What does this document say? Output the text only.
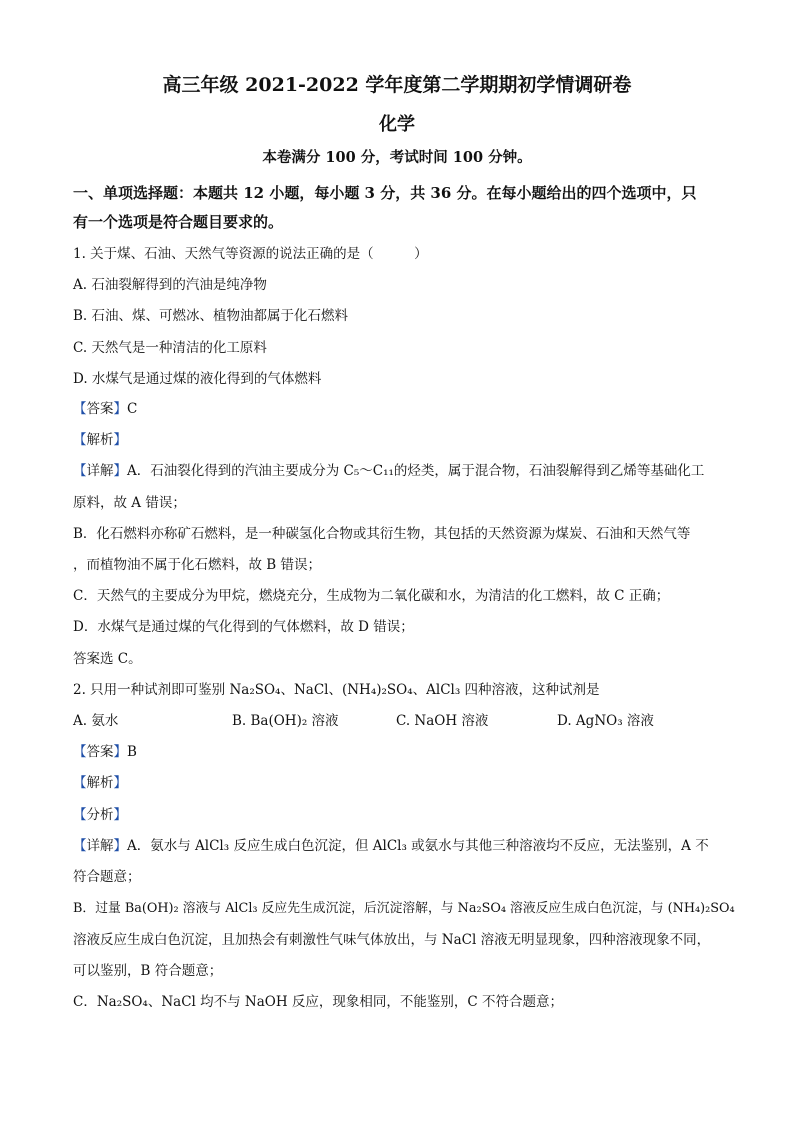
高三年级 2021-2022 学年度第二学期期初学情调研卷
化学
本卷满分 100 分，考试时间 100 分钟。
一、单项选择题：本题共 12 小题，每小题 3 分，共 36 分。在每小题给出的四个选项中，只
有一个选项是符合题目要求的。
1. 关于煤、石油、天然气等资源的说法正确的是（　　　）
A. 石油裂解得到的汽油是纯净物
B. 石油、煤、可燃冰、植物油都属于化石燃料
C. 天然气是一种清洁的化工原料
D. 水煤气是通过煤的液化得到的气体燃料
【答案】C
【解析】
【详解】A．石油裂化得到的汽油主要成分为 C₅～C₁₁的烃类，属于混合物，石油裂解得到乙烯等基础化工
原料，故 A 错误；
B．化石燃料亦称矿石燃料，是一种碳氢化合物或其衍生物，其包括的天然资源为煤炭、石油和天然气等
，而植物油不属于化石燃料，故 B 错误；
C．天然气的主要成分为甲烷，燃烧充分，生成物为二氧化碳和水，为清洁的化工燃料，故 C 正确；
D．水煤气是通过煤的气化得到的气体燃料，故 D 错误；
答案选 C。
2. 只用一种试剂即可鉴别 Na₂SO₄、NaCl、(NH₄)₂SO₄、AlCl₃ 四种溶液，这种试剂是
A. 氨水	B. Ba(OH)₂ 溶液	C. NaOH 溶液	D. AgNO₃ 溶液
【答案】B
【解析】
【分析】
【详解】A．氨水与 AlCl₃ 反应生成白色沉淀，但 AlCl₃ 或氨水与其他三种溶液均不反应，无法鉴别，A 不
符合题意；
B．过量 Ba(OH)₂ 溶液与 AlCl₃ 反应先生成沉淀，后沉淀溶解，与 Na₂SO₄ 溶液反应生成白色沉淀，与 (NH₄)₂SO₄
溶液反应生成白色沉淀，且加热会有刺激性气味气体放出，与 NaCl 溶液无明显现象，四种溶液现象不同，
可以鉴别，B 符合题意；
C．Na₂SO₄、NaCl 均不与 NaOH 反应，现象相同，不能鉴别，C 不符合题意；
